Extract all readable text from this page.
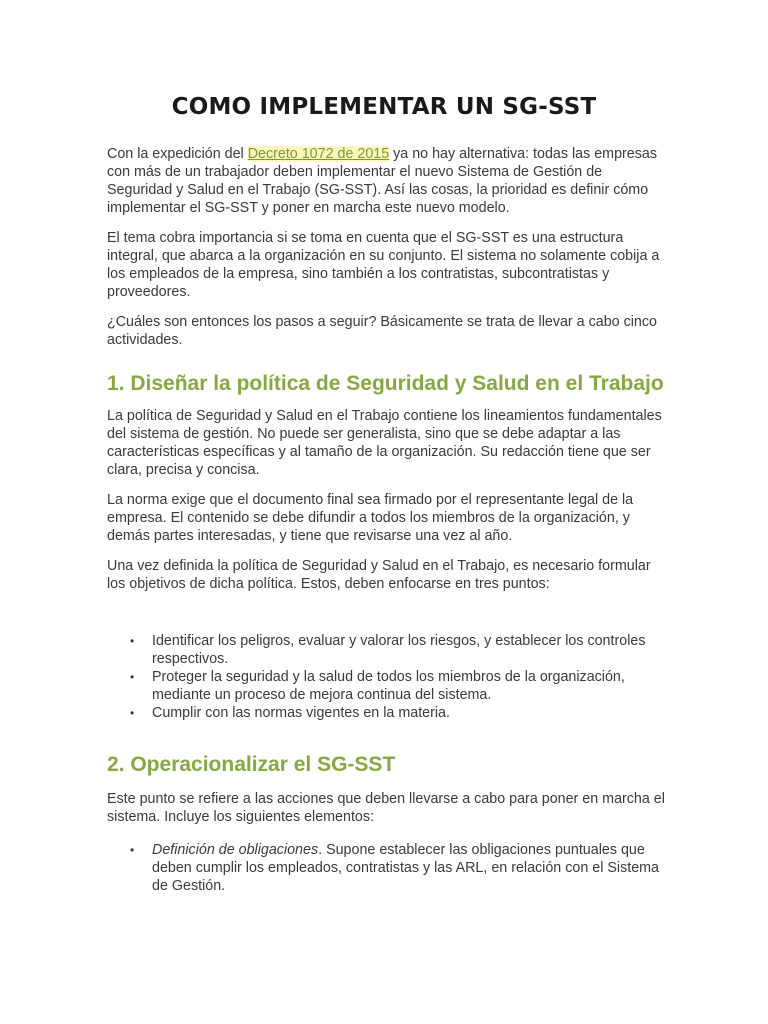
COMO IMPLEMENTAR UN SG-SST

Con la expedición del Decreto 1072 de 2015 ya no hay alternativa: todas las empresas con más de un trabajador deben implementar el nuevo Sistema de Gestión de Seguridad y Salud en el Trabajo (SG-SST). Así las cosas, la prioridad es definir cómo implementar el SG-SST y poner en marcha este nuevo modelo.

El tema cobra importancia si se toma en cuenta que el SG-SST es una estructura integral, que abarca a la organización en su conjunto. El sistema no solamente cobija a los empleados de la empresa, sino también a los contratistas, subcontratistas y proveedores.

¿Cuáles son entonces los pasos a seguir? Básicamente se trata de llevar a cabo cinco actividades.

1. Diseñar la política de Seguridad y Salud en el Trabajo

La política de Seguridad y Salud en el Trabajo contiene los lineamientos fundamentales del sistema de gestión. No puede ser generalista, sino que se debe adaptar a las características específicas y al tamaño de la organización. Su redacción tiene que ser clara, precisa y concisa.

La norma exige que el documento final sea firmado por el representante legal de la empresa. El contenido se debe difundir a todos los miembros de la organización, y demás partes interesadas, y tiene que revisarse una vez al año.

Una vez definida la política de Seguridad y Salud en el Trabajo, es necesario formular los objetivos de dicha política. Estos, deben enfocarse en tres puntos:

• Identificar los peligros, evaluar y valorar los riesgos, y establecer los controles respectivos.
• Proteger la seguridad y la salud de todos los miembros de la organización, mediante un proceso de mejora continua del sistema.
• Cumplir con las normas vigentes en la materia.
2. Operacionalizar el SG-SST

Este punto se refiere a las acciones que deben llevarse a cabo para poner en marcha el sistema. Incluye los siguientes elementos:

• Definición de obligaciones. Supone establecer las obligaciones puntuales que deben cumplir los empleados, contratistas y las ARL, en relación con el Sistema de Gestión.
